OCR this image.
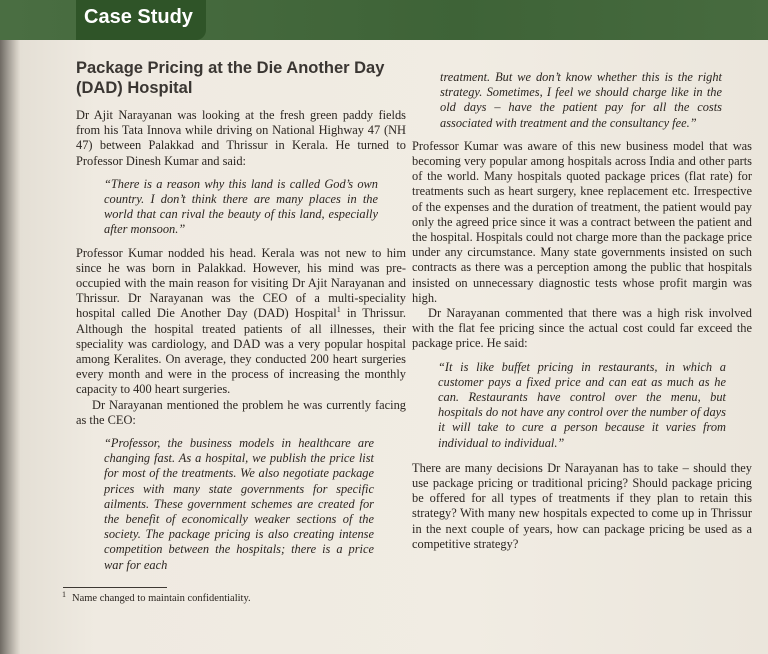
Case Study
Package Pricing at the Die Another Day (DAD) Hospital

Dr Ajit Narayanan was looking at the fresh green paddy fields from his Tata Innova while driving on National Highway 47 (NH 47) between Palakkad and Thrissur in Kerala. He turned to Professor Dinesh Kumar and said:

“There is a reason why this land is called God’s own country. I don’t think there are many places in the world that can rival the beauty of this land, especially after monsoon.”

Professor Kumar nodded his head. Kerala was not new to him since he was born in Palakkad. However, his mind was pre-occupied with the main reason for visiting Dr Ajit Narayanan and Thrissur. Dr Narayanan was the CEO of a multi-speciality hospital called Die Another Day (DAD) Hospital$^1$ in Thrissur. Although the hospital treated patients of all illnesses, their speciality was cardiology, and DAD was a very popular hospital among Keralites. On average, they conducted 200 heart surgeries every month and were in the process of increasing the monthly capacity to 400 heart surgeries.

Dr Narayanan mentioned the problem he was currently facing as the CEO:

“Professor, the business models in healthcare are changing fast. As a hospital, we publish the price list for most of the treatments. We also negotiate package prices with many state governments for specific ailments. These government schemes are created for the benefit of economically weaker sections of the society. The package pricing is also creating intense competition between the hospitals; there is a price war for each

treatment. But we don’t know whether this is the right strategy. Sometimes, I feel we should charge like in the old days – have the patient pay for all the costs associated with treatment and the consultancy fee.”

Professor Kumar was aware of this new business model that was becoming very popular among hospitals across India and other parts of the world. Many hospitals quoted package prices (flat rate) for treatments such as heart surgery, knee replacement etc. Irrespective of the expenses and the duration of treatment, the patient would pay only the agreed price since it was a contract between the patient and the hospital. Hospitals could not charge more than the package price under any circumstance. Many state governments insisted on such contracts as there was a perception among the public that hospitals insisted on unnecessary diagnostic tests whose profit margin was high.

Dr Narayanan commented that there was a high risk involved with the flat fee pricing since the actual cost could far exceed the package price. He said:

“It is like buffet pricing in restaurants, in which a customer pays a fixed price and can eat as much as he can. Restaurants have control over the menu, but hospitals do not have any control over the number of days it will take to cure a person because it varies from individual to individual.”

There are many decisions Dr Narayanan has to take – should they use package pricing or traditional pricing? Should package pricing be offered for all types of treatments if they plan to retain this strategy? With many new hospitals expected to come up in Thrissur in the next couple of years, how can package pricing be used as a competitive strategy?

$^1$ Name changed to maintain confidentiality.
